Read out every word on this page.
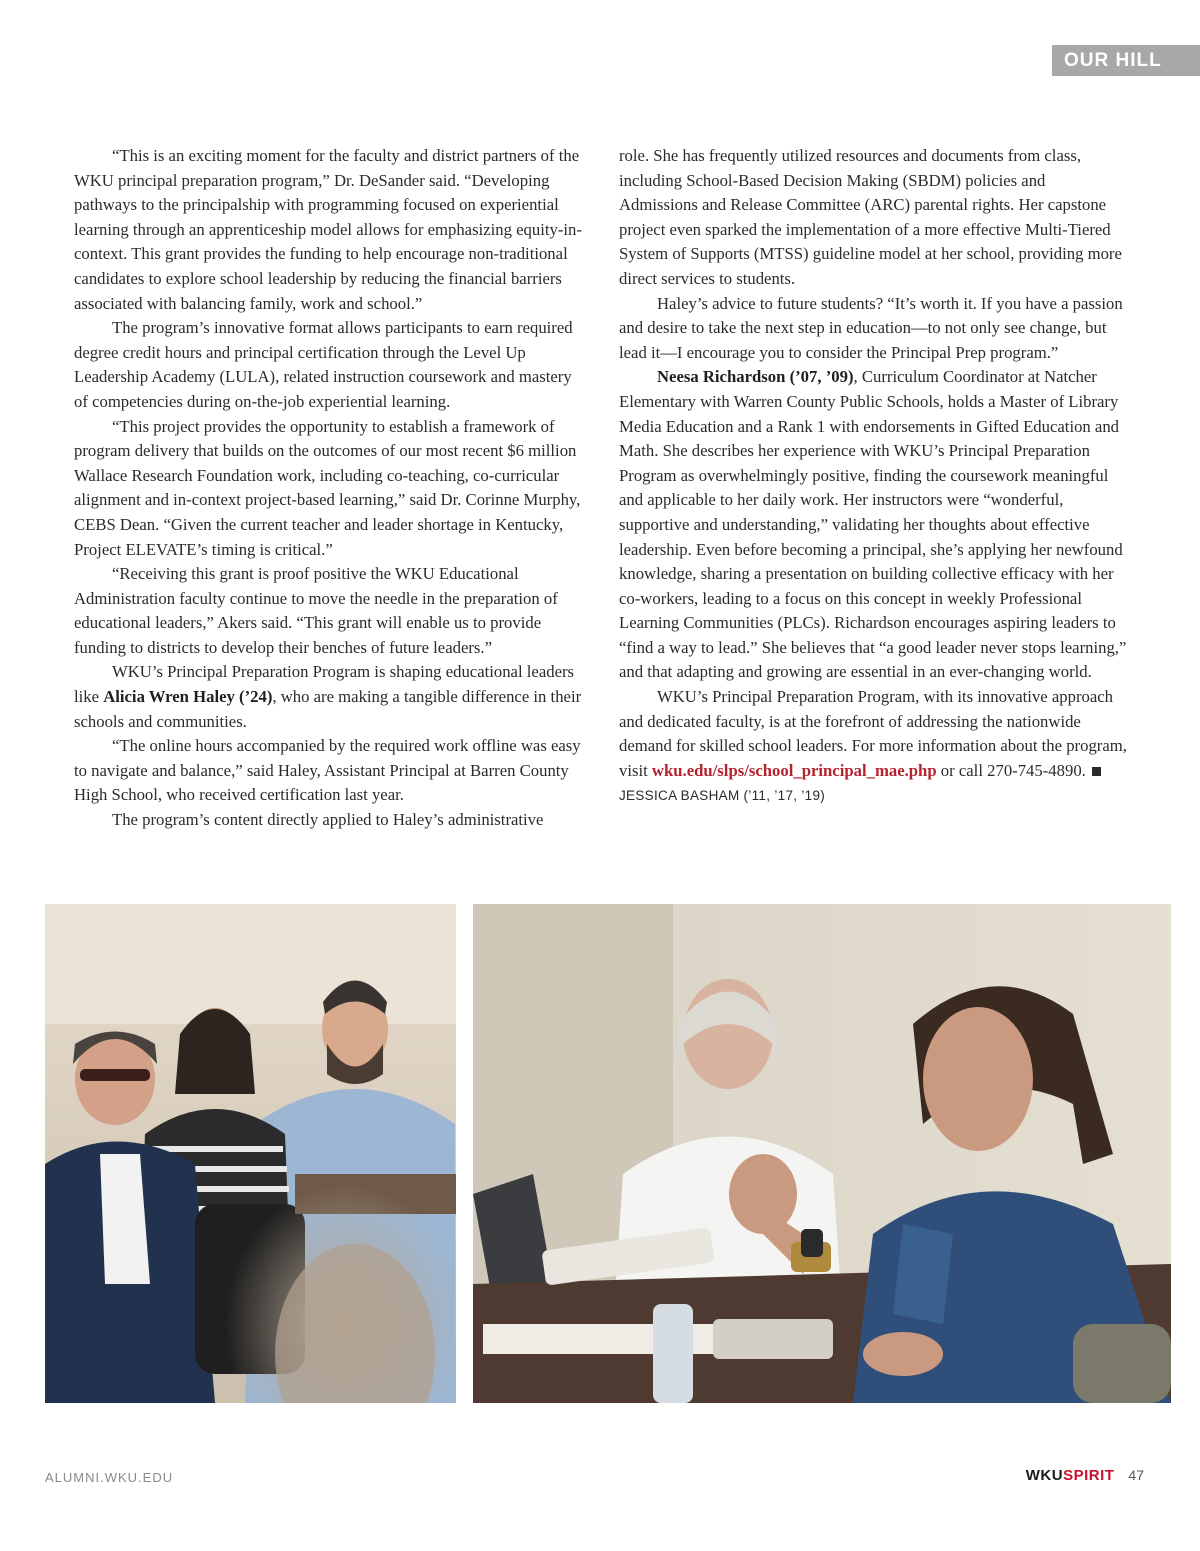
OUR HILL

“This is an exciting moment for the faculty and district partners of the WKU principal preparation program,” Dr. DeSander said. “Developing pathways to the principalship with programming focused on experiential learning through an apprenticeship model allows for emphasizing equity-in-context. This grant provides the funding to help encourage non-traditional candidates to explore school leadership by reducing the financial barriers associated with balancing family, work and school.”

The program’s innovative format allows participants to earn required degree credit hours and principal certification through the Level Up Leadership Academy (LULA), related instruction coursework and mastery of competencies during on-the-job experiential learning.

“This project provides the opportunity to establish a framework of program delivery that builds on the outcomes of our most recent $6 million Wallace Research Foundation work, including co-teaching, co-curricular alignment and in-context project-based learning,” said Dr. Corinne Murphy, CEBS Dean. “Given the current teacher and leader shortage in Kentucky, Project ELEVATE’s timing is critical.”

“Receiving this grant is proof positive the WKU Educational Administration faculty continue to move the needle in the preparation of educational leaders,” Akers said. “This grant will enable us to provide funding to districts to develop their benches of future leaders.”

WKU’s Principal Preparation Program is shaping educational leaders like Alicia Wren Haley (’24), who are making a tangible difference in their schools and communities.

“The online hours accompanied by the required work offline was easy to navigate and balance,” said Haley, Assistant Principal at Barren County High School, who received certification last year.

The program’s content directly applied to Haley’s administrative

role. She has frequently utilized resources and documents from class, including School-Based Decision Making (SBDM) policies and Admissions and Release Committee (ARC) parental rights. Her capstone project even sparked the implementation of a more effective Multi-Tiered System of Supports (MTSS) guideline model at her school, providing more direct services to students.

Haley’s advice to future students? “It’s worth it. If you have a passion and desire to take the next step in education—to not only see change, but lead it—I encourage you to consider the Principal Prep program.”

Neesa Richardson (’07, ’09), Curriculum Coordinator at Natcher Elementary with Warren County Public Schools, holds a Master of Library Media Education and a Rank 1 with endorsements in Gifted Education and Math. She describes her experience with WKU’s Principal Preparation Program as overwhelmingly positive, finding the coursework meaningful and applicable to her daily work. Her instructors were “wonderful, supportive and understanding,” validating her thoughts about effective leadership. Even before becoming a principal, she’s applying her newfound knowledge, sharing a presentation on building collective efficacy with her co-workers, leading to a focus on this concept in weekly Professional Learning Communities (PLCs). Richardson encourages aspiring leaders to “find a way to lead.” She believes that “a good leader never stops learning,” and that adapting and growing are essential in an ever-changing world.

WKU’s Principal Preparation Program, with its innovative approach and dedicated faculty, is at the forefront of addressing the nationwide demand for skilled school leaders. For more information about the program, visit wku.edu/slps/school_principal_mae.php or call 270-745-4890. JESSICA BASHAM (’11, ’17, ’19)

ALUMNI.WKU.EDU	WKUSPIRIT 47
